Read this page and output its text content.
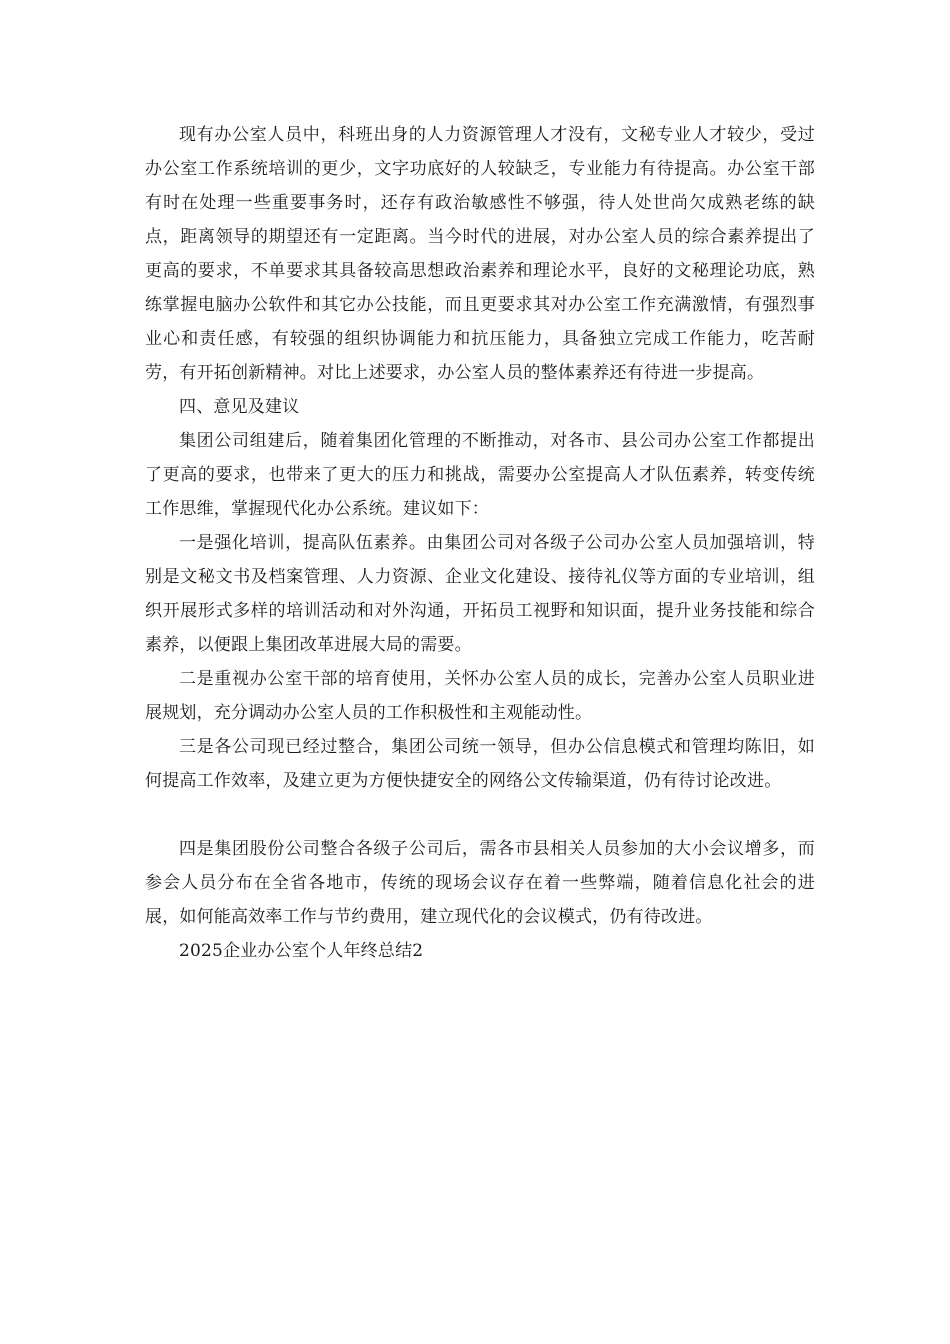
现有办公室人员中，科班出身的人力资源管理人才没有，文秘专业人才较少，受过办公室工作系统培训的更少，文字功底好的人较缺乏，专业能力有待提高。办公室干部有时在处理一些重要事务时，还存有政治敏感性不够强，待人处世尚欠成熟老练的缺点，距离领导的期望还有一定距离。当今时代的进展，对办公室人员的综合素养提出了更高的要求，不单要求其具备较高思想政治素养和理论水平，良好的文秘理论功底，熟练掌握电脑办公软件和其它办公技能，而且更要求其对办公室工作充满激情，有强烈事业心和责任感，有较强的组织协调能力和抗压能力，具备独立完成工作能力，吃苦耐劳，有开拓创新精神。对比上述要求，办公室人员的整体素养还有待进一步提高。

四、意见及建议

集团公司组建后，随着集团化管理的不断推动，对各市、县公司办公室工作都提出了更高的要求，也带来了更大的压力和挑战，需要办公室提高人才队伍素养，转变传统工作思维，掌握现代化办公系统。建议如下：

一是强化培训，提高队伍素养。由集团公司对各级子公司办公室人员加强培训，特别是文秘文书及档案管理、人力资源、企业文化建设、接待礼仪等方面的专业培训，组织开展形式多样的培训活动和对外沟通，开拓员工视野和知识面，提升业务技能和综合素养，以便跟上集团改革进展大局的需要。

二是重视办公室干部的培育使用，关怀办公室人员的成长，完善办公室人员职业进展规划，充分调动办公室人员的工作积极性和主观能动性。

三是各公司现已经过整合，集团公司统一领导，但办公信息模式和管理均陈旧，如何提高工作效率，及建立更为方便快捷安全的网络公文传输渠道，仍有待讨论改进。

四是集团股份公司整合各级子公司后，需各市县相关人员参加的大小会议增多，而参会人员分布在全省各地市，传统的现场会议存在着一些弊端，随着信息化社会的进展，如何能高效率工作与节约费用，建立现代化的会议模式，仍有待改进。

2025企业办公室个人年终总结2
